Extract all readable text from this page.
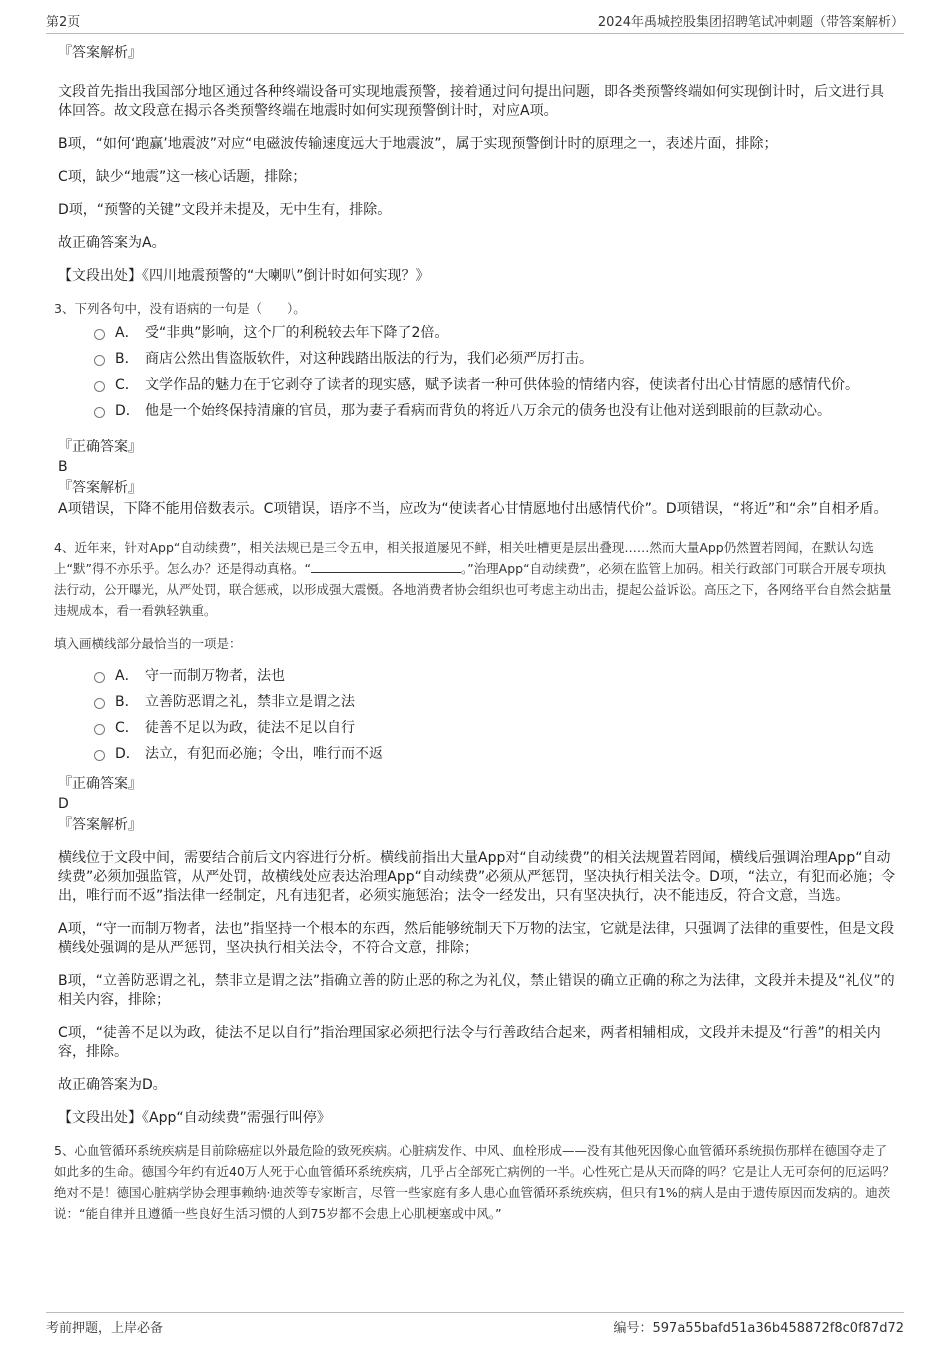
第2页	2024年禹城控股集团招聘笔试冲刺题（带答案解析）
『答案解析』
文段首先指出我国部分地区通过各种终端设备可实现地震预警，接着通过问句提出问题，即各类预警终端如何实现倒计时，后文进行具体回答。故文段意在揭示各类预警终端在地震时如何实现预警倒计时，对应A项。
B项，“如何‘跑赢’地震波”对应“电磁波传输速度远大于地震波”，属于实现预警倒计时的原理之一，表述片面，排除；
C项，缺少“地震”这一核心话题，排除；
D项，“预警的关键”文段并未提及，无中生有，排除。
故正确答案为A。
【文段出处】《四川地震预警的“大喇叭”倒计时如何实现？》
3、下列各句中，没有语病的一句是（　　）。
A． 受“非典”影响，这个厂的利税较去年下降了2倍。
B． 商店公然出售盗版软件，对这种践踏出版法的行为，我们必须严厉打击。
C． 文学作品的魅力在于它剥夺了读者的现实感，赋予读者一种可供体验的情绪内容，使读者付出心甘情愿的感情代价。
D． 他是一个始终保持清廉的官员，那为妻子看病而背负的将近八万余元的债务也没有让他对送到眼前的巨款动心。
『正确答案』
B
『答案解析』
A项错误，下降不能用倍数表示。C项错误，语序不当，应改为“使读者心甘情愿地付出感情代价”。D项错误，“将近”和“余”自相矛盾。
4、近年来，针对App“自动续费”，相关法规已是三令五申，相关报道屡见不鲜，相关吐槽更是层出叠现……然而大量App仍然置若罔闻，在默认勾选上“默”得不亦乐乎。怎么办？还是得动真格。“	。”治理App“自动续费”，必须在监管上加码。相关行政部门可联合开展专项执法行动，公开曝光，从严处罚，联合惩戒，以形成强大震慑。各地消费者协会组织也可考虑主动出击，提起公益诉讼。高压之下，各网络平台自然会掂量违规成本，看一看孰轻孰重。
填入画横线部分最恰当的一项是：
A． 守一而制万物者，法也
B． 立善防恶谓之礼，禁非立是谓之法
C． 徒善不足以为政，徒法不足以自行
D． 法立，有犯而必施；令出，唯行而不返
『正确答案』
D
『答案解析』
横线位于文段中间，需要结合前后文内容进行分析。横线前指出大量App对“自动续费”的相关法规置若罔闻，横线后强调治理App“自动续费”必须加强监管，从严处罚，故横线处应表达治理App“自动续费”必须从严惩罚，坚决执行相关法令。D项，“法立，有犯而必施；令出，唯行而不返”指法律一经制定，凡有违犯者，必须实施惩治；法令一经发出，只有坚决执行，决不能违反，符合文意，当选。
A项，“守一而制万物者，法也”指坚持一个根本的东西，然后能够统制天下万物的法宝，它就是法律，只强调了法律的重要性，但是文段横线处强调的是从严惩罚，坚决执行相关法令，不符合文意，排除；
B项，“立善防恶谓之礼，禁非立是谓之法”指确立善的防止恶的称之为礼仪，禁止错误的确立正确的称之为法律，文段并未提及“礼仪”的相关内容，排除；
C项，“徒善不足以为政，徒法不足以自行”指治理国家必须把行法令与行善政结合起来，两者相辅相成，文段并未提及“行善”的相关内容，排除。
故正确答案为D。
【文段出处】《App“自动续费”需强行叫停》
5、心血管循环系统疾病是目前除癌症以外最危险的致死疾病。心脏病发作、中风、血栓形成——没有其他死因像心血管循环系统损伤那样在德国夺走了如此多的生命。德国今年约有近40万人死于心血管循环系统疾病，几乎占全部死亡病例的一半。心性死亡是从天而降的吗？它是让人无可奈何的厄运吗？绝对不是！德国心脏病学协会理事赖纳·迪茨等专家断言，尽管一些家庭有多人患心血管循环系统疾病，但只有1%的病人是由于遗传原因而发病的。迪茨说：“能自律并且遵循一些良好生活习惯的人到75岁都不会患上心肌梗塞或中风。”
考前押题，上岸必备	编号：597a55bafd51a36b458872f8c0f87d72
